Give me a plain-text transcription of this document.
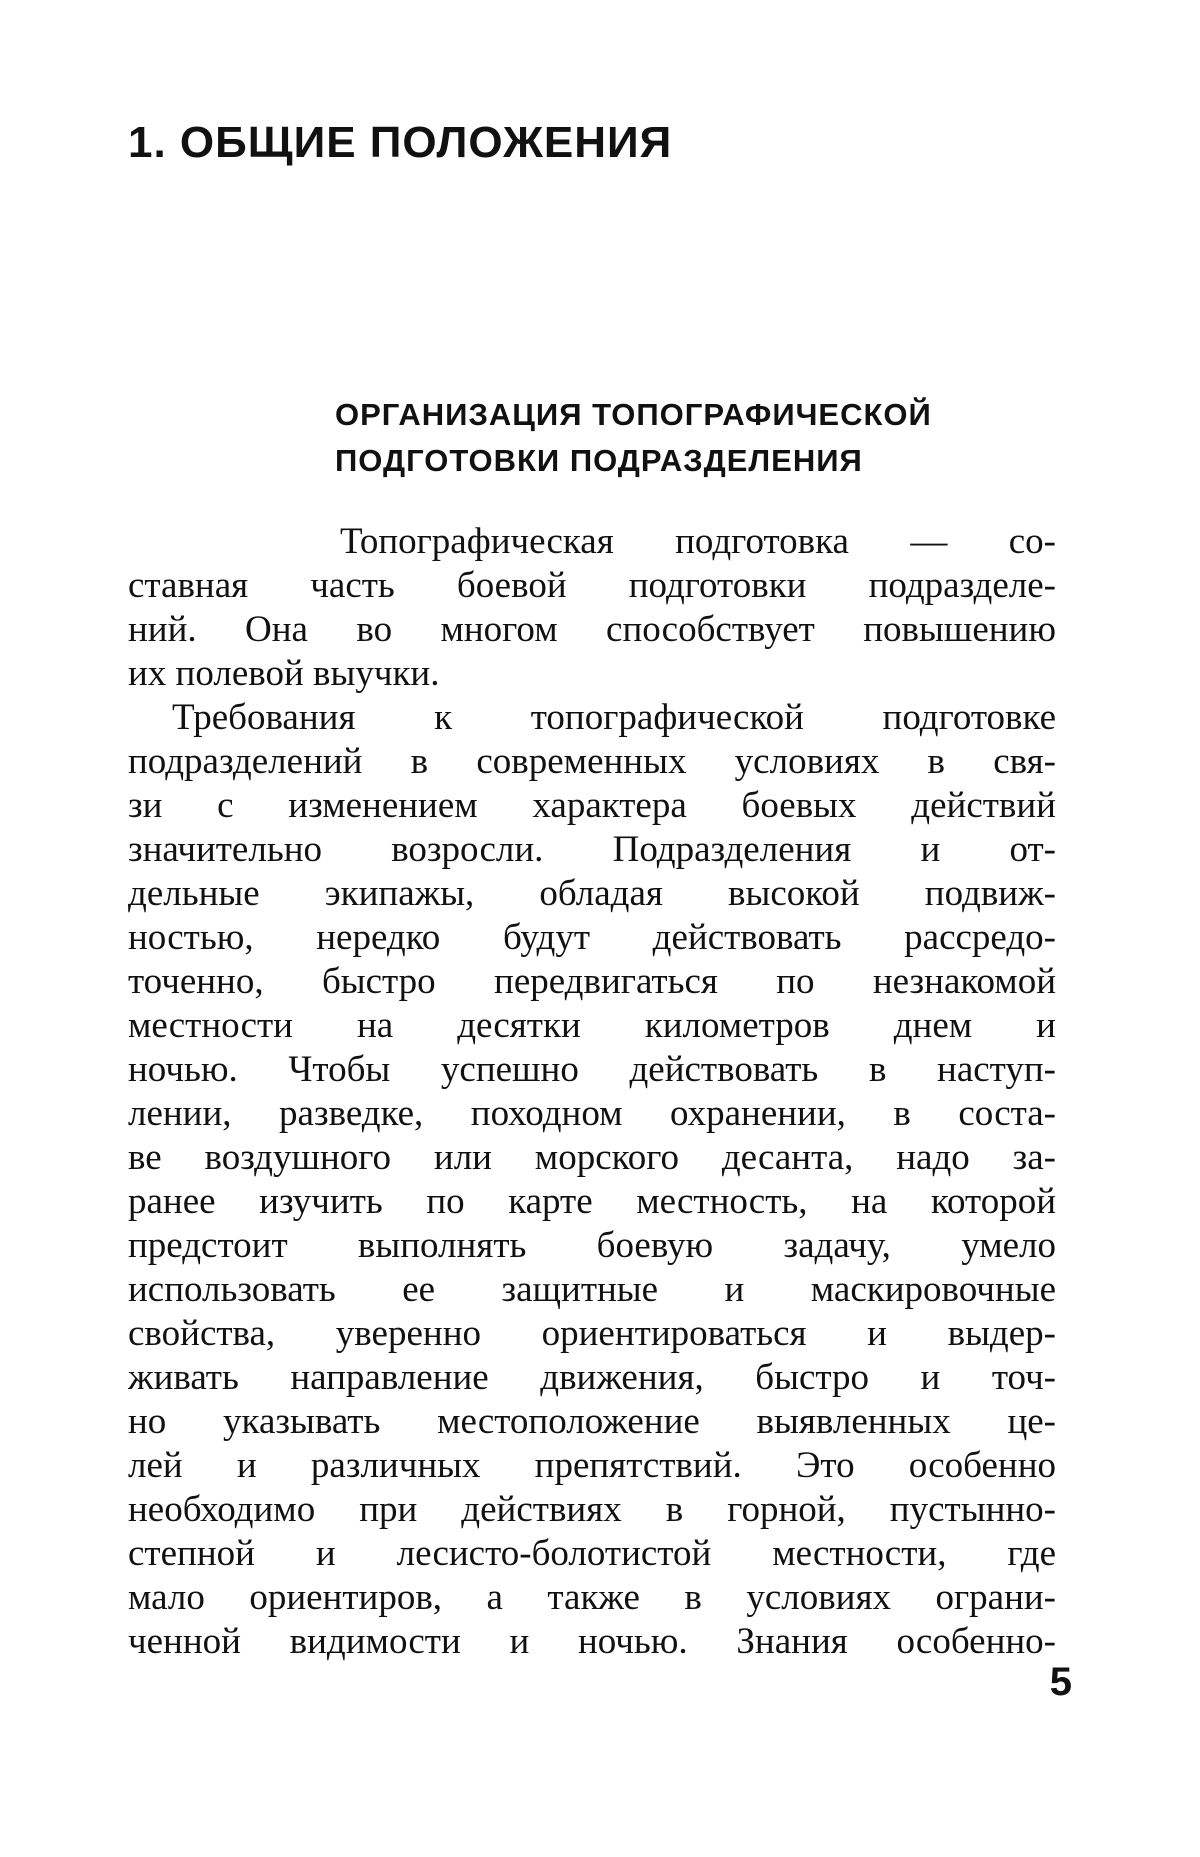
1. ОБЩИЕ ПОЛОЖЕНИЯ
ОРГАНИЗАЦИЯ ТОПОГРАФИЧЕСКОЙ
ПОДГОТОВКИ ПОДРАЗДЕЛЕНИЯ
Топографическая подготовка — со-
ставная часть боевой подготовки подразделе-
ний. Она во многом способствует повышению
их полевой выучки.
Требования к топографической подготовке
подразделений в современных условиях в свя-
зи с изменением характера боевых действий
значительно возросли. Подразделения и от-
дельные экипажы, обладая высокой подвиж-
ностью, нередко будут действовать рассредо-
точенно, быстро передвигаться по незнакомой
местности на десятки километров днем и
ночью. Чтобы успешно действовать в наступ-
лении, разведке, походном охранении, в соста-
ве воздушного или морского десанта, надо за-
ранее изучить по карте местность, на которой
предстоит выполнять боевую задачу, умело
использовать ее защитные и маскировочные
свойства, уверенно ориентироваться и выдер-
живать направление движения, быстро и точ-
но указывать местоположение выявленных це-
лей и различных препятствий. Это особенно
необходимо при действиях в горной, пустынно-
степной и лесисто-болотистой местности, где
мало ориентиров, а также в условиях ограни-
ченной видимости и ночью. Знания особенно-
5
